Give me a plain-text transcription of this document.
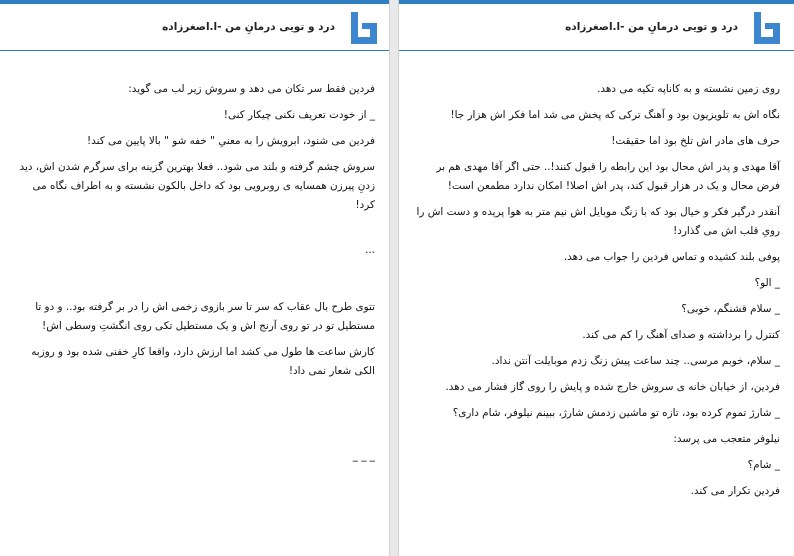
درد و تویی درمانِ من -ا.اصغرزاده

فردین فقط سر تکان می دهد و سروش زیر لب می گوید:

_ از خودت تعریف نکنی چیکار کنی!

فردین می شنود، ابرویش را به معنیِ " خفه شو " بالا پایین می کند!

سروش چشم گرفته و بلند می شود.. فعلا بهترین گزینه برای سرگرم شدن اش، دید زدنِ پیرزن همسایه ی روبرویی بود که داخل بالکون نشسته و به اطراف نگاه می کرد!

...

تتوی طرح بال عقاب که سر تا سر بازوی زخمی اش را در بر گرفته بود.. و دو تا مستطیل تو در تو روی آرنج اش و یک مستطیل تکی روی انگشتِ وسطی اش!

کارش ساعت ها طول می کشد اما ارزش دارد، واقعا کارِ خفنی شده بود و روزبه الکی شعار نمی داد!

_ _ _
درد و تویی درمانِ من -ا.اصغرزاده

روی زمین نشسته و به کاناپه تکیه می دهد.

نگاه اش به تلویزیون بود و آهنگ ترکی که پخش می شد اما فکر اش هزار جا!

حرف های مادر اش تلخ بود اما حقیقت!

آقا مهدی و پدر اش محال بود این رابطه را قبول کنند!.. حتی اگر آقا مهدی هم بر فرض محال و یک در هزار قبول کند، پدر اش اصلا! امکان ندارد مطمعن است!

آنقدر درگیر فکر و خیال بود که با زنگ موبایل اش نیم متر به هوا پریده و دست اش را رویِ قلب اش می گذارد!

پوفی بلند کشیده و تماس فردین را جواب می دهد.

_ الو؟

_ سلام قشنگم، خوبی؟

کنترل را برداشته و صدای آهنگ را کم می کند.

_ سلام، خوبم مرسی.. چند ساعت پیش زنگ زدم موبایلت آنتن نداد.

فردین، از خیابان خانه ی سروش خارج شده و پایش را روی گاز فشار می دهد.

_ شارژ تموم کرده بود، تازه تو ماشین زدمش شارژ، ببینم نیلوفر، شام داری؟

نیلوفر متعجب می پرسد:

_ شام؟

فردین تکرار می کند.
